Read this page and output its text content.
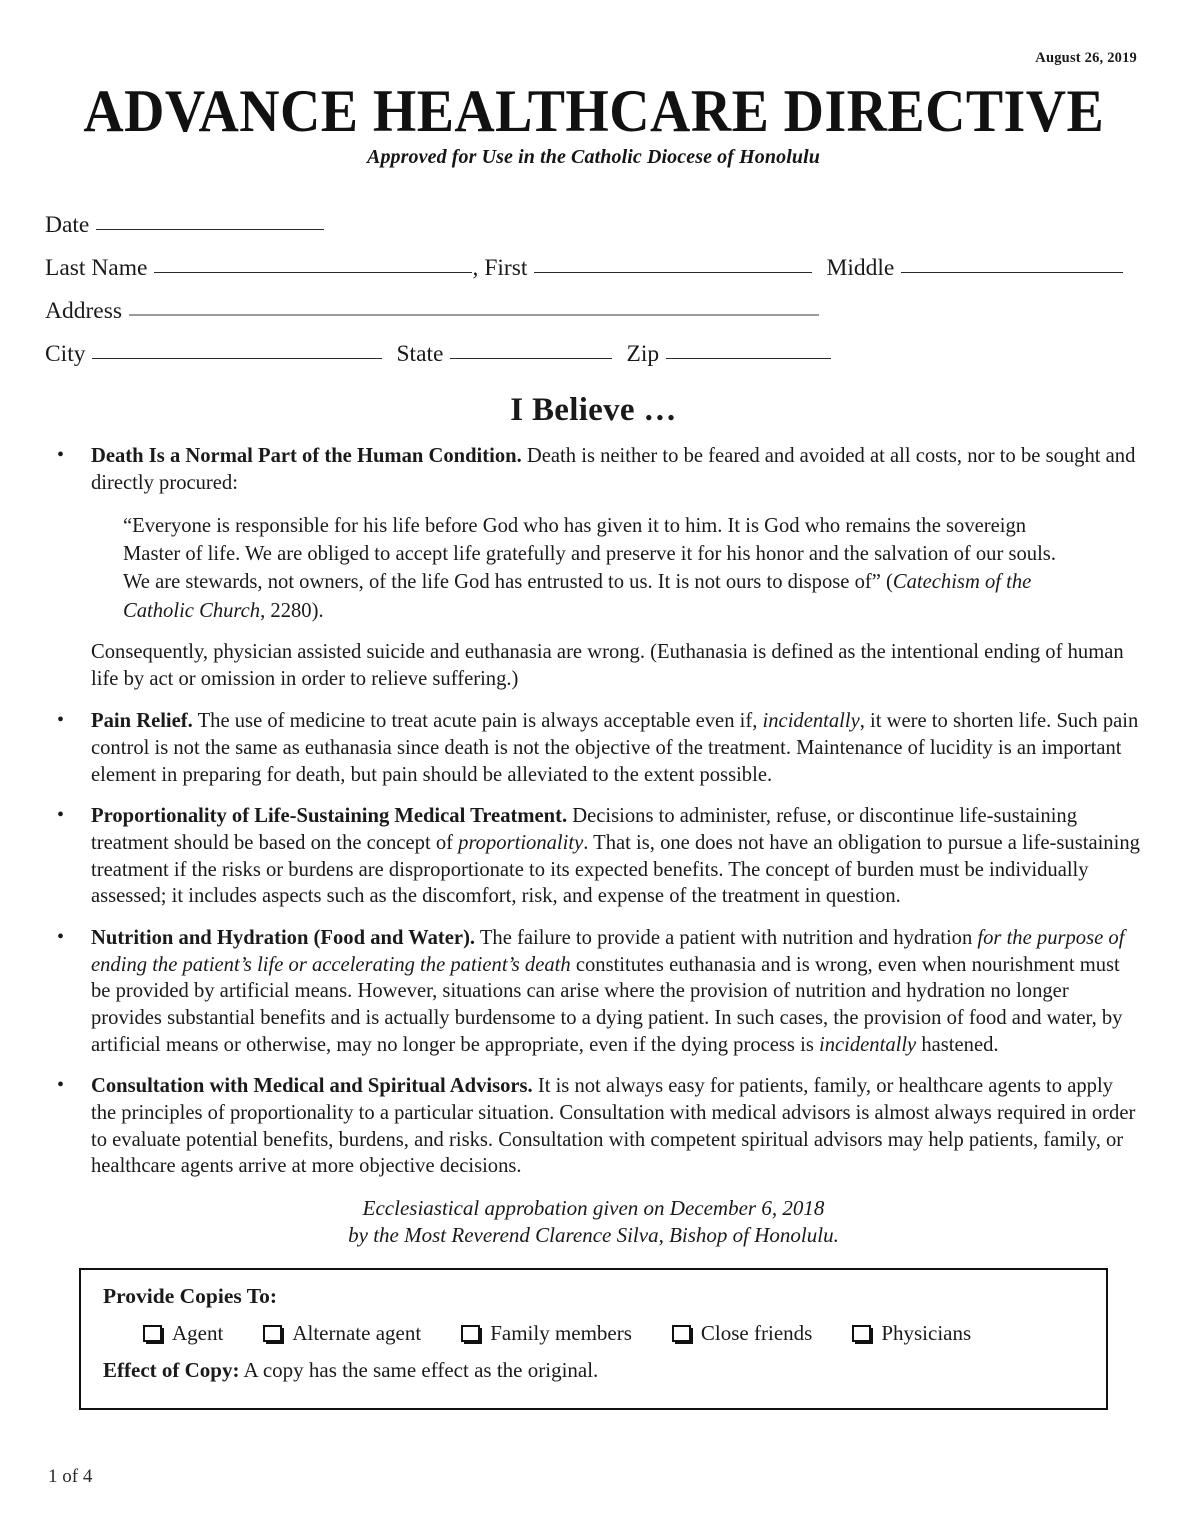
August 26, 2019
ADVANCE HEALTHCARE DIRECTIVE
Approved for Use in the Catholic Diocese of Honolulu
Date
Last Name	, First	Middle
Address
City	State	Zip
I Believe …
• Death Is a Normal Part of the Human Condition. Death is neither to be feared and avoided at all costs, nor to be sought and directly procured:
“Everyone is responsible for his life before God who has given it to him. It is God who remains the sovereign Master of life. We are obliged to accept life gratefully and preserve it for his honor and the salvation of our souls. We are stewards, not owners, of the life God has entrusted to us. It is not ours to dispose of” (Catechism of the Catholic Church, 2280).
Consequently, physician assisted suicide and euthanasia are wrong. (Euthanasia is defined as the intentional ending of human life by act or omission in order to relieve suffering.)
• Pain Relief. The use of medicine to treat acute pain is always acceptable even if, incidentally, it were to shorten life. Such pain control is not the same as euthanasia since death is not the objective of the treatment. Maintenance of lucidity is an important element in preparing for death, but pain should be alleviated to the extent possible.
• Proportionality of Life-Sustaining Medical Treatment. Decisions to administer, refuse, or discontinue life-sustaining treatment should be based on the concept of proportionality. That is, one does not have an obligation to pursue a life-sustaining treatment if the risks or burdens are disproportionate to its expected benefits. The concept of burden must be individually assessed; it includes aspects such as the discomfort, risk, and expense of the treatment in question.
• Nutrition and Hydration (Food and Water). The failure to provide a patient with nutrition and hydration for the purpose of ending the patient’s life or accelerating the patient’s death constitutes euthanasia and is wrong, even when nourishment must be provided by artificial means. However, situations can arise where the provision of nutrition and hydration no longer provides substantial benefits and is actually burdensome to a dying patient. In such cases, the provision of food and water, by artificial means or otherwise, may no longer be appropriate, even if the dying process is incidentally hastened.
• Consultation with Medical and Spiritual Advisors. It is not always easy for patients, family, or healthcare agents to apply the principles of proportionality to a particular situation. Consultation with medical advisors is almost always required in order to evaluate potential benefits, burdens, and risks. Consultation with competent spiritual advisors may help patients, family, or healthcare agents arrive at more objective decisions.
Ecclesiastical approbation given on December 6, 2018
by the Most Reverend Clarence Silva, Bishop of Honolulu.
Provide Copies To:
Agent	Alternate agent	Family members	Close friends	Physicians
Effect of Copy: A copy has the same effect as the original.
1 of 4
